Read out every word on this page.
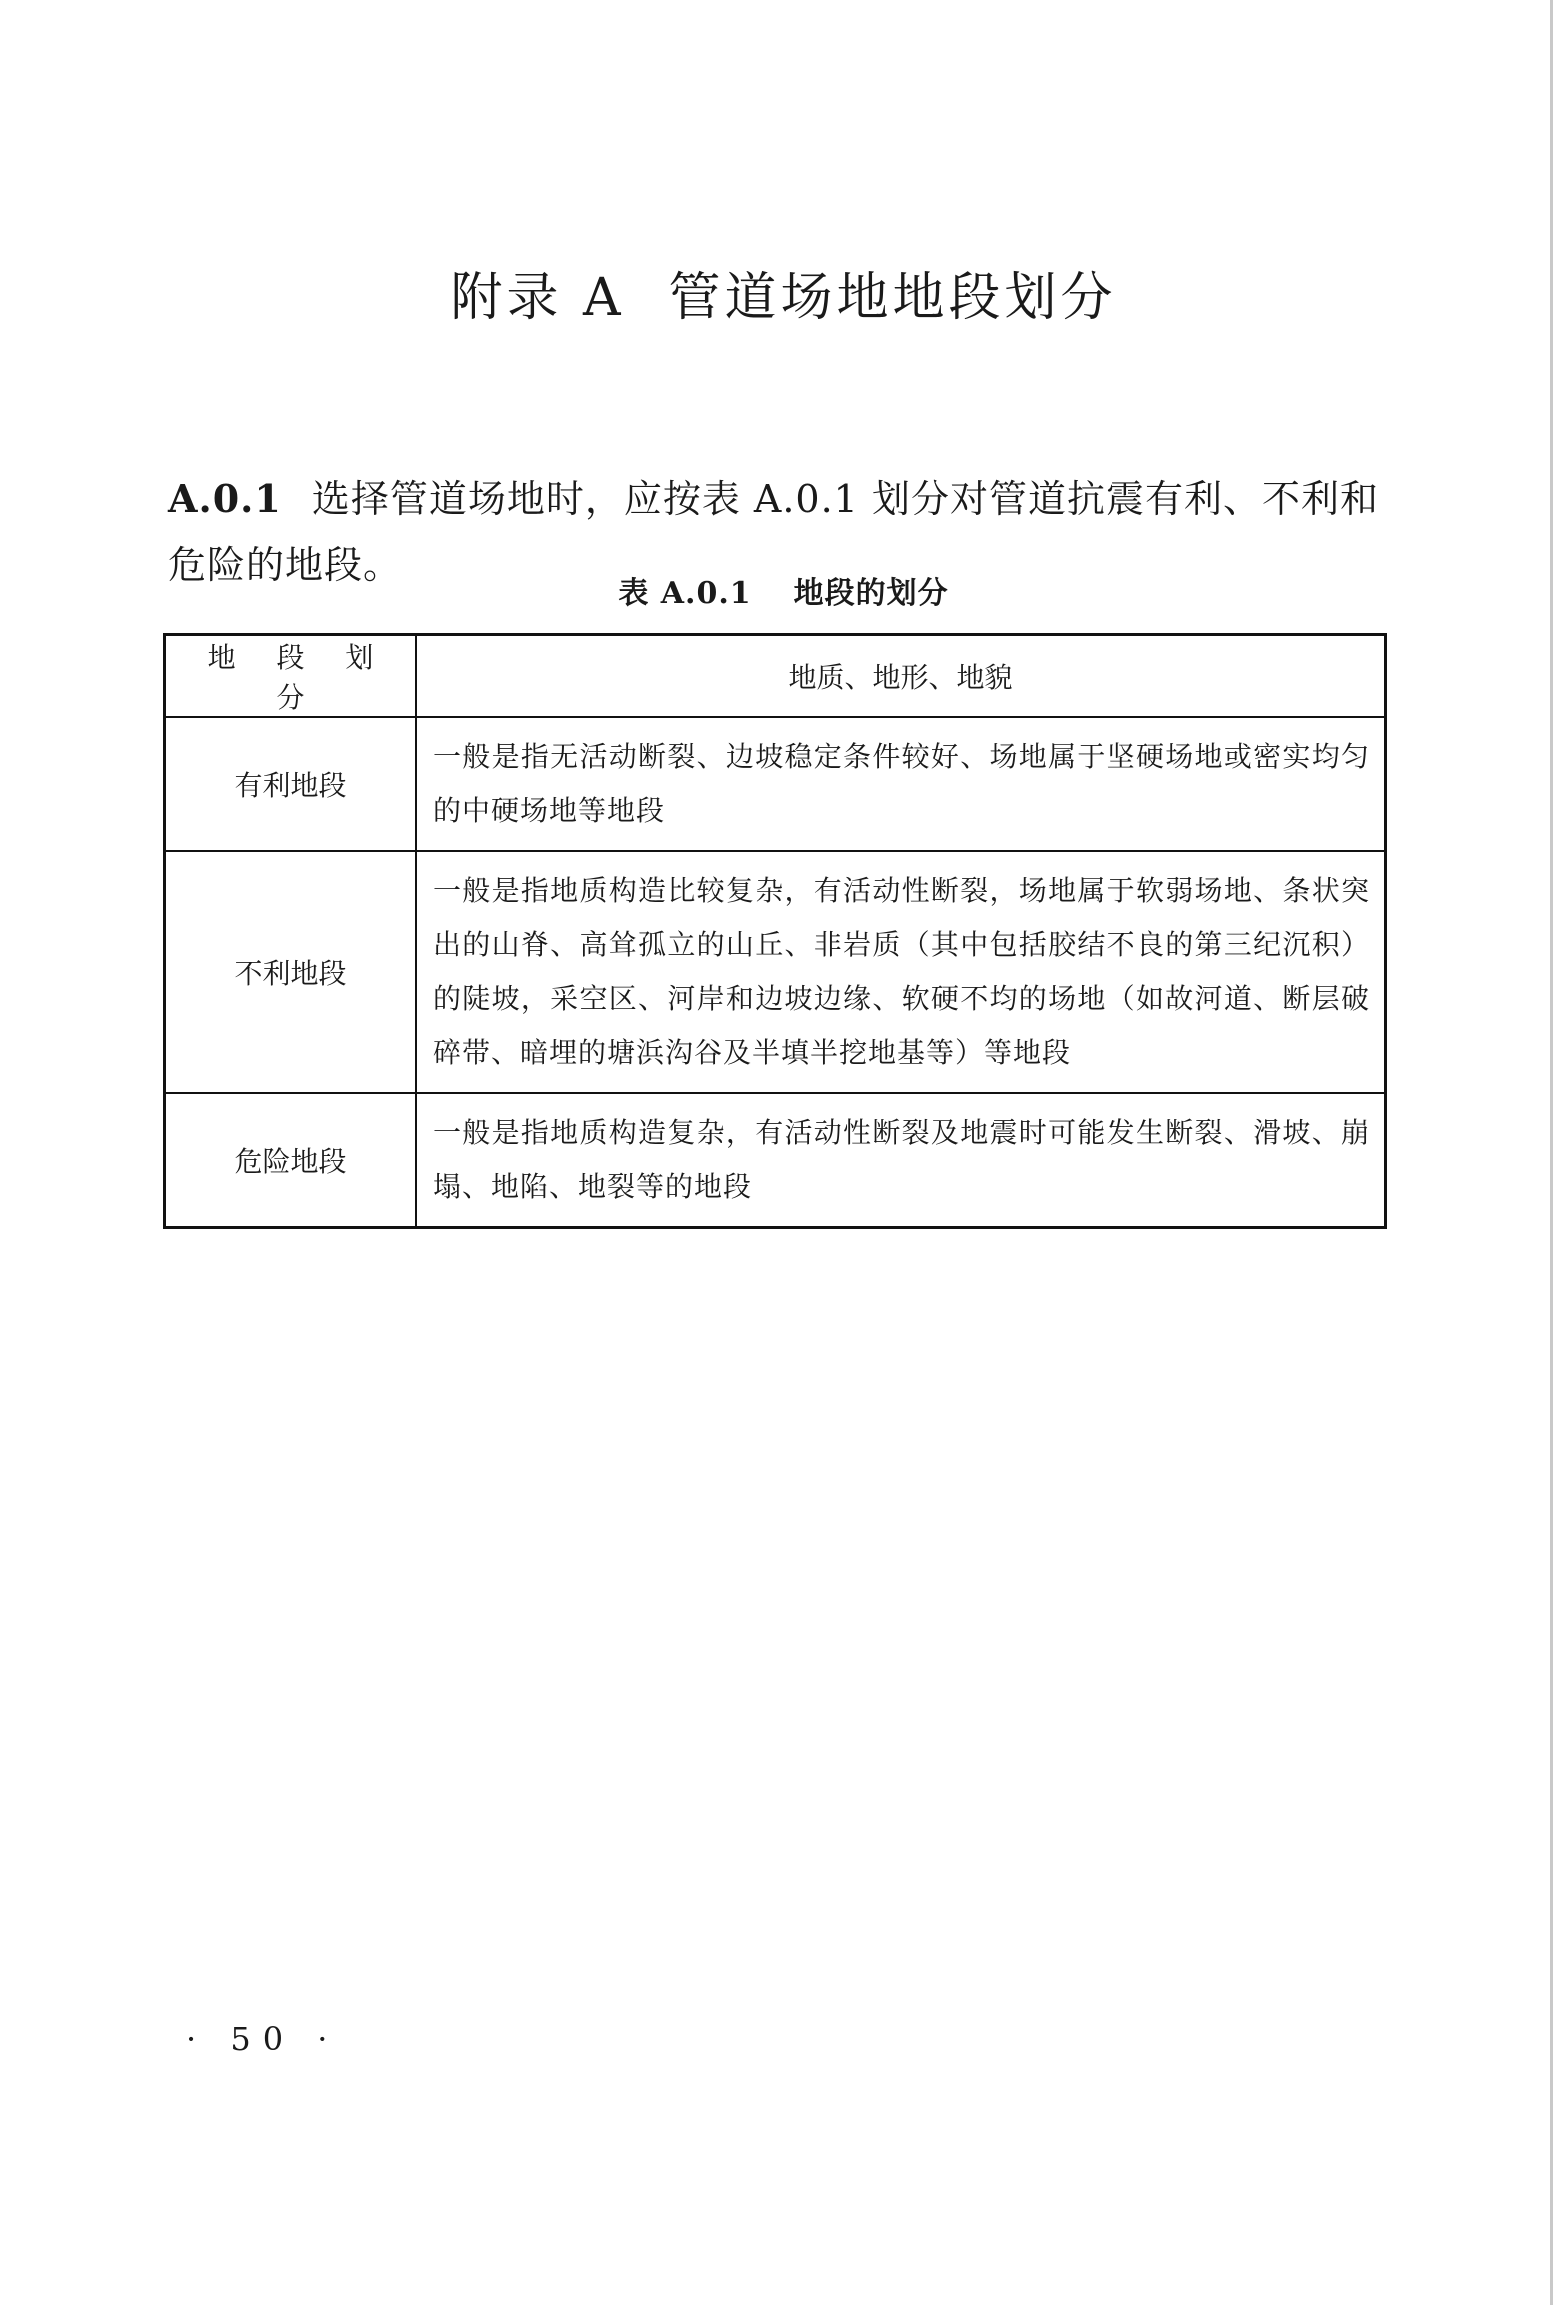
附录 A 管道场地地段划分

A.0.1 选择管道场地时，应按表 A.0.1 划分对管道抗震有利、不利和危险的地段。

表 A.0.1 地段的划分
地 段 划 分	地质、地形、地貌
有利地段	一般是指无活动断裂、边坡稳定条件较好、场地属于坚硬场地或密实均匀的中硬场地等地段
不利地段	一般是指地质构造比较复杂，有活动性断裂，场地属于软弱场地、条状突出的山脊、高耸孤立的山丘、非岩质（其中包括胶结不良的第三纪沉积）的陡坡，采空区、河岸和边坡边缘、软硬不均的场地（如故河道、断层破碎带、暗埋的塘浜沟谷及半填半挖地基等）等地段
危险地段	一般是指地质构造复杂，有活动性断裂及地震时可能发生断裂、滑坡、崩塌、地陷、地裂等的地段
· 50 ·
